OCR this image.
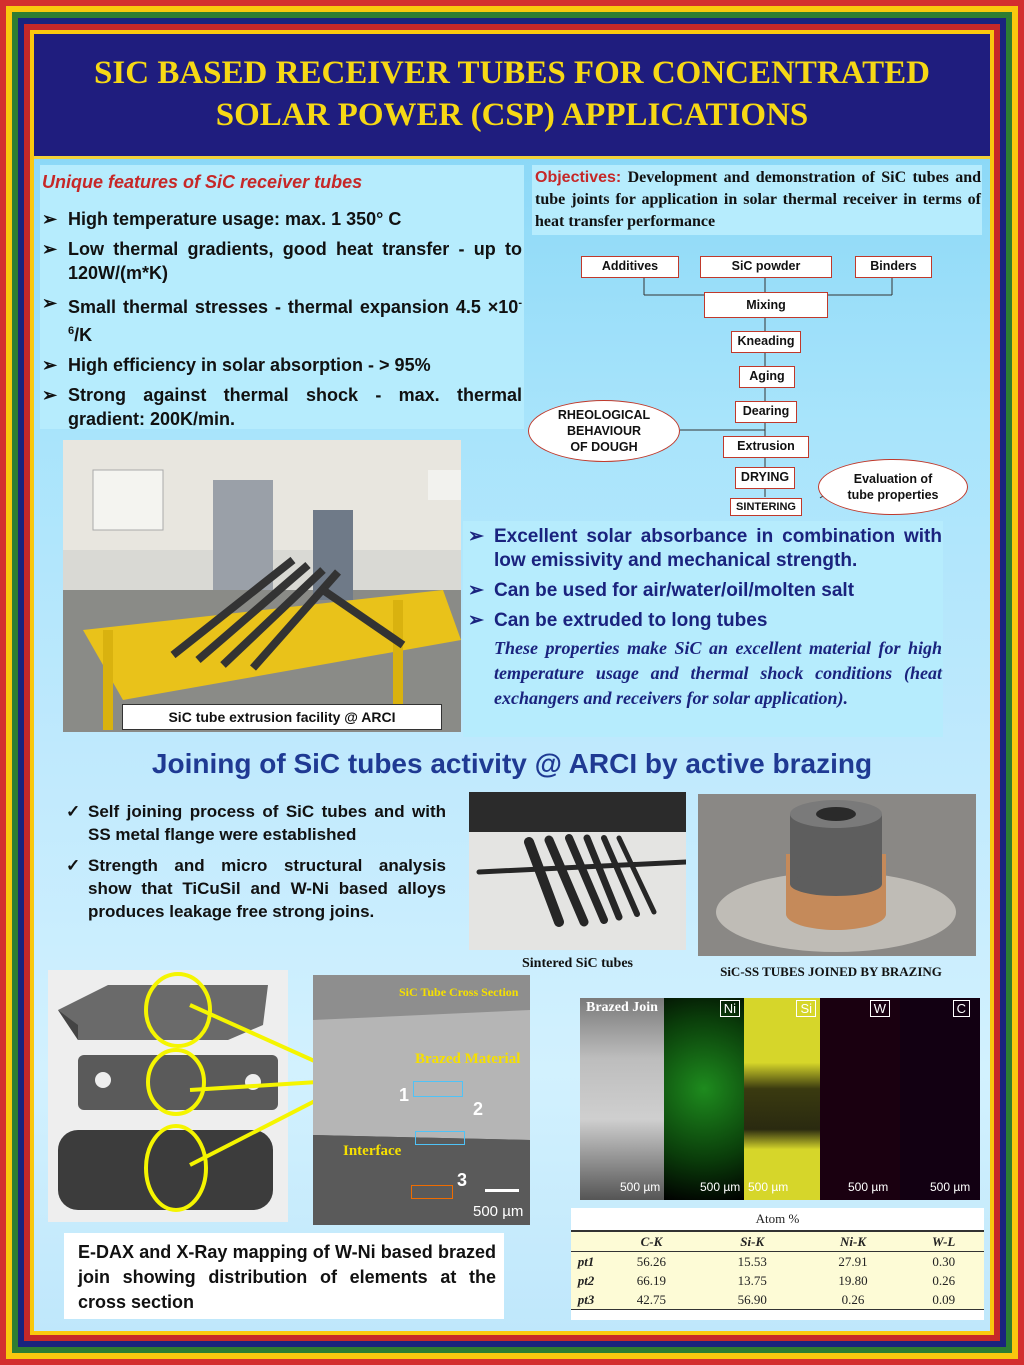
SIC BASED RECEIVER TUBES FOR CONCENTRATED
SOLAR POWER (CSP) APPLICATIONS
Unique features of SiC receiver tubes
➢ High temperature usage: max. 1 350° C
➢ Low thermal gradients, good heat transfer - up to 120W/(m*K)
➢ Small thermal stresses - thermal expansion $4.5 \times 10^{-6}/K$
➢ High efficiency in solar absorption - > 95%
➢ Strong against thermal shock - max. thermal gradient: 200K/min.
Objectives: Development and demonstration of SiC tubes and tube joints for application in solar thermal receiver in terms of heat transfer performance
Additives	SiC powder	Binders
Mixing
Kneading
Aging
Dearing
Extrusion
DRYING
SINTERING
RHEOLOGICAL
BEHAVIOUR
OF DOUGH
Evaluation of
tube properties
SiC tube extrusion facility @ ARCI
➢ Excellent solar absorbance in combination with low emissivity and mechanical strength.
➢ Can be used for air/water/oil/molten salt
➢ Can be extruded to long tubes
These properties make SiC an excellent material for high temperature usage and thermal shock conditions (heat exchangers and receivers for solar application).
Joining of SiC tubes activity @ ARCI by active brazing
✓ Self joining process of SiC tubes and with SS metal flange were established
✓ Strength and micro structural analysis show that TiCuSil and W-Ni based alloys produces leakage free strong joins.
Sintered SiC tubes
SiC-SS TUBES JOINED BY BRAZING
SiC Tube Cross Section
Brazed Material
Interface
1
2
3
500 µm
Brazed Join
500 µm
Ni
500 µm
Si
500 µm
W
500 µm
C
500 µm
Atom %
	C-K	Si-K	Ni-K	W-L
pt1	56.26	15.53	27.91	0.30
pt2	66.19	13.75	19.80	0.26
pt3	42.75	56.90	0.26	0.09
E-DAX and X-Ray mapping of W-Ni based brazed join showing distribution of elements at the cross section
